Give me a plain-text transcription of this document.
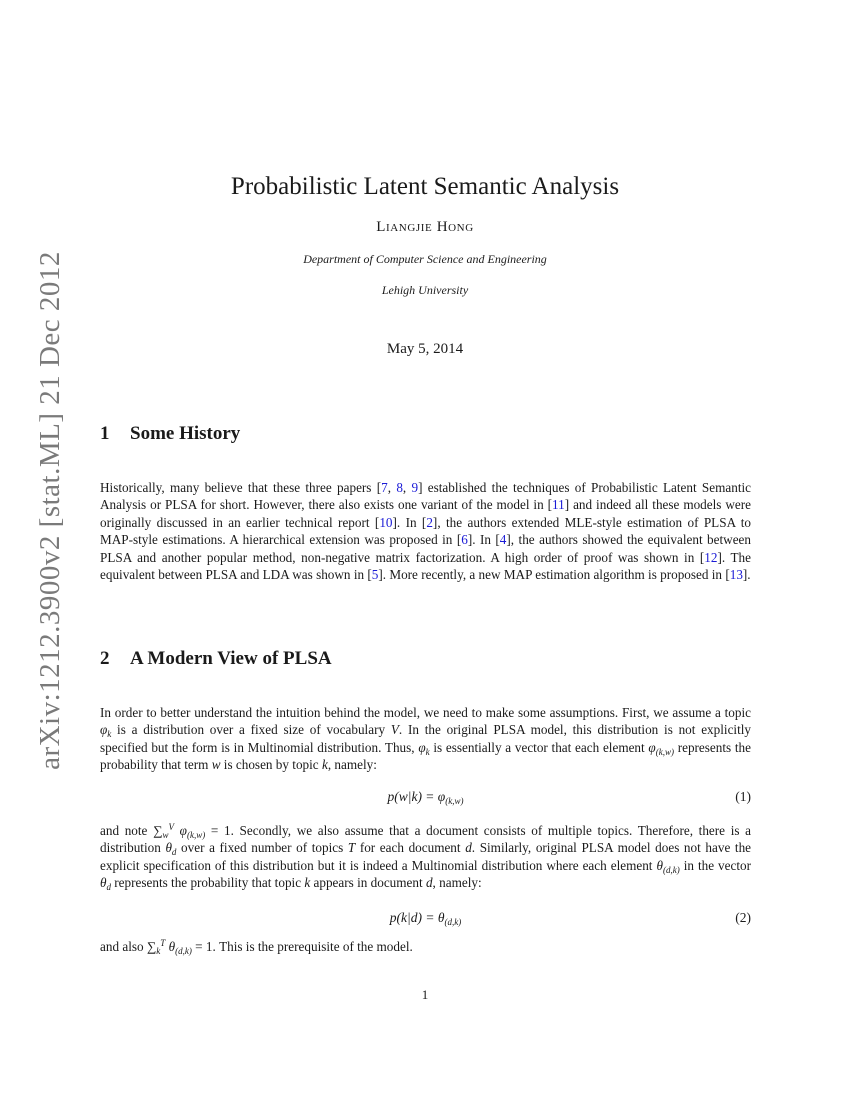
arXiv:1212.3900v2 [stat.ML] 21 Dec 2012
Probabilistic Latent Semantic Analysis
Liangjie Hong
Department of Computer Science and Engineering
Lehigh University
May 5, 2014
1 Some History

Historically, many believe that these three papers [7, 8, 9] established the techniques of Probabilistic Latent Semantic Analysis or PLSA for short. However, there also exists one variant of the model in [11] and indeed all these models were originally discussed in an earlier technical report [10]. In [2], the authors extended MLE-style estimation of PLSA to MAP-style estimations. A hierarchical extension was proposed in [6]. In [4], the authors showed the equivalent between PLSA and another popular method, non-negative matrix factorization. A high order of proof was shown in [12]. The equivalent between PLSA and LDA was shown in [5]. More recently, a new MAP estimation algorithm is proposed in [13].

2 A Modern View of PLSA

In order to better understand the intuition behind the model, we need to make some assumptions. First, we assume a topic $\varphi_k$ is a distribution over a fixed size of vocabulary V. In the original PLSA model, this distribution is not explicitly specified but the form is in Multinomial distribution. Thus, $\varphi_k$ is essentially a vector that each element $\varphi_{(k,w)}$ represents the probability that term w is chosen by topic k, namely:

$p(w|k) = \varphi_{(k,w)}$	(1)

and note $\sum_w^V$ $\varphi_{(k,w)} = 1$. Secondly, we also assume that a document consists of multiple topics. Therefore, there is a distribution $\theta_d$ over a fixed number of topics T for each document d. Similarly, original PLSA model does not have the explicit specification of this distribution but it is indeed a Multinomial distribution where each element $\theta_{(d,k)}$ in the vector $\theta_d$ represents the probability that topic k appears in document d, namely:

$p(k|d) = \theta_{(d,k)}$	(2)

and also $\sum_k^T$ $\theta_{(d,k)} = 1$. This is the prerequisite of the model.

1
